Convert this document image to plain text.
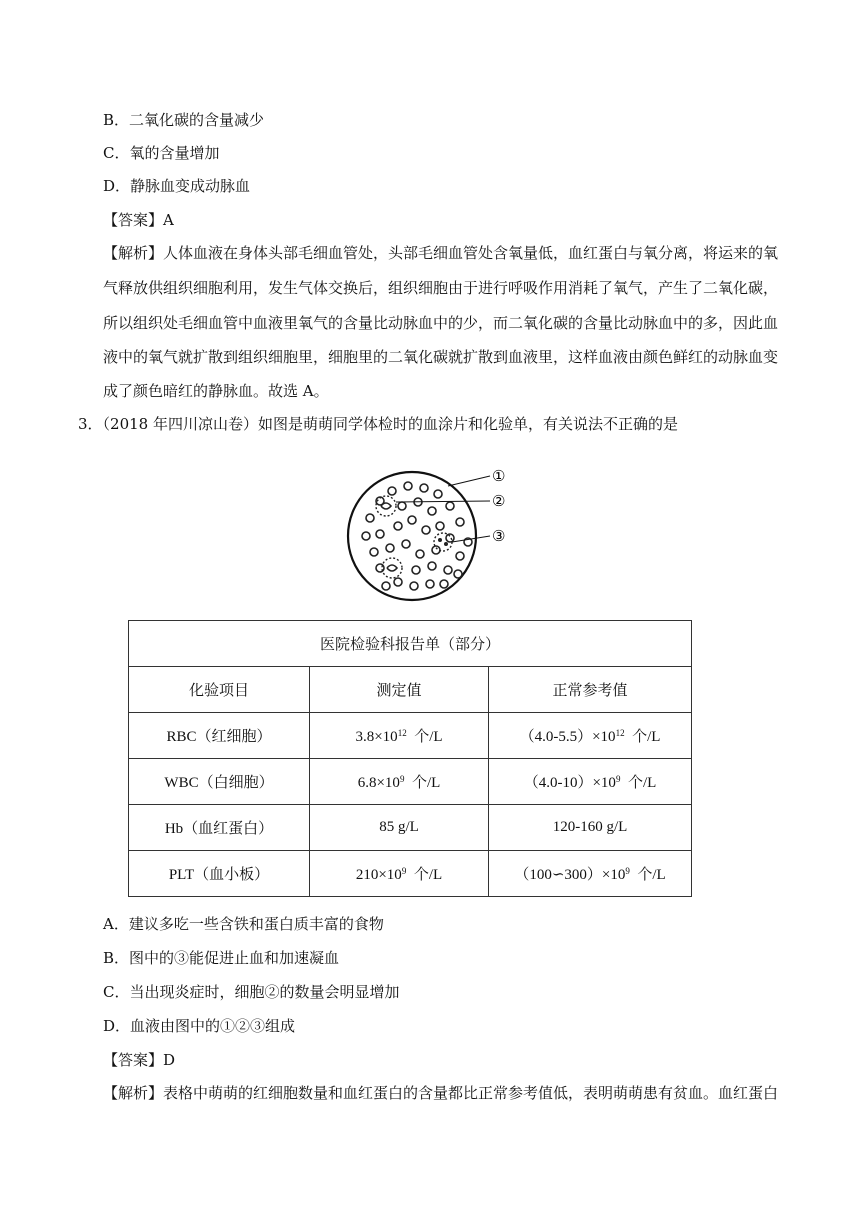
B．二氧化碳的含量减少
C．氧的含量增加
D．静脉血变成动脉血
【答案】A
【解析】人体血液在身体头部毛细血管处，头部毛细血管处含氧量低，血红蛋白与氧分离，将运来的氧
气释放供组织细胞利用，发生气体交换后，组织细胞由于进行呼吸作用消耗了氧气，产生了二氧化碳，
所以组织处毛细血管中血液里氧气的含量比动脉血中的少，而二氧化碳的含量比动脉血中的多，因此血
液中的氧气就扩散到组织细胞里，细胞里的二氧化碳就扩散到血液里，这样血液由颜色鲜红的动脉血变
成了颜色暗红的静脉血。故选 A。
3．（2018 年四川凉山卷）如图是萌萌同学体检时的血涂片和化验单，有关说法不正确的是
①
②
③
医院检验科报告单（部分）		
化验项目	测定值	正常参考值
RBC（红细胞）	$3.8\times 10^{12}$ 个/L	$(4.0-5.5)\times 10^{12}$ 个/L
WBC（白细胞）	$6.8\times 10^9$ 个/L	$(4.0-10)\times 10^9$ 个/L
Hb（血红蛋白）	85 g/L	120-160 g/L
PLT（血小板）	$210\times 10^9$ 个/L	$(100∽300)\times 10^9$ 个/L
A．建议多吃一些含铁和蛋白质丰富的食物
B．图中的③能促进止血和加速凝血
C．当出现炎症时，细胞②的数量会明显增加
D．血液由图中的①②③组成
【答案】D
【解析】表格中萌萌的红细胞数量和血红蛋白的含量都比正常参考值低，表明萌萌患有贫血。血红蛋白
